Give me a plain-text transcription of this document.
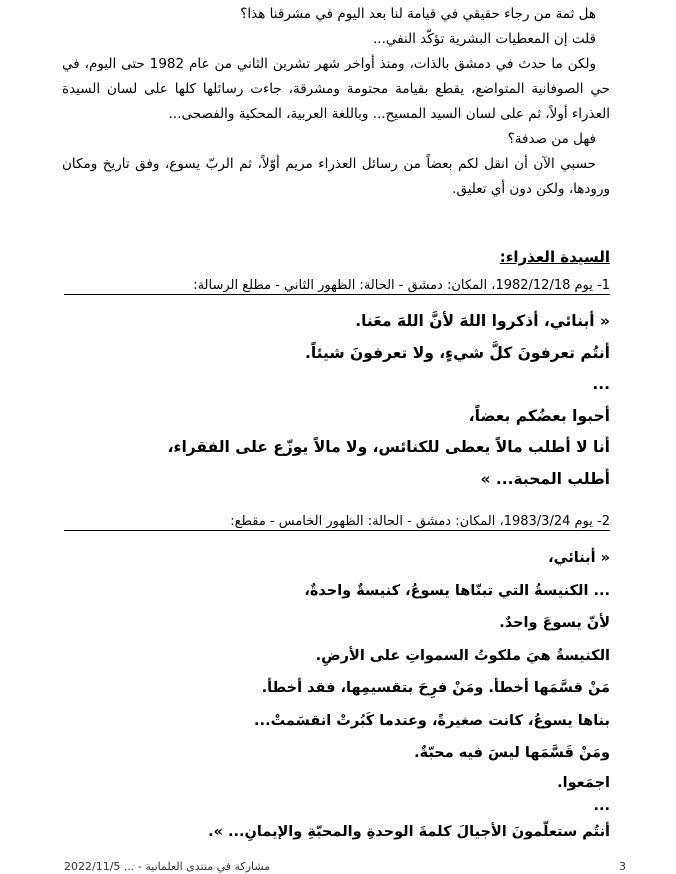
هل ثمة من رجاء حقيقي في قيامة لنا بعد اليوم في مشرقنا هذا؟

قلت إن المعطيات البشرية تؤكّد النفي...

ولكن ما حدث في دمشق بالذات، ومنذ أواخر شهر تشرين الثاني من عام 1982 حتى اليوم، في حي الصوفانية المتواضع، يقطع بقيامة محتومة ومشرقة، جاءت رسائلها كلها على لسان السيدة العذراء أولاً، ثم على لسان السيد المسيح... وباللغة العربية، المحكية والفصحى...

فهل من صدفة؟

حسبي الآن أن انقل لكم بعضاً من رسائل العذراء مريم أوّلاً، ثم الربّ يسوع، وفق تاريخ ومكان ورودها، ولكن دون أي تعليق.

السيدة العذراء:
1- يوم 1982/12/18، المكان: دمشق - الحالة: الظهور الثاني - مطلع الرسالة:
« أبنائي، أذكروا اللهَ لأنَّ اللهَ معَنا.
أنتُم تعرفونَ كلَّ شيءٍ، ولا تعرفونَ شيئاً.
...
أحبوا بعضُكم بعضاً،
أنا لا أطلب مالاً يعطى للكنائس، ولا مالاً يوزّع على الفقراء،
أطلب المحبة... »
2- يوم 1983/3/24، المكان: دمشق - الحالة: الظهور الخامس - مقطع:
« أبنائي،
... الكنيسةُ التي تبنّاها يسوعُ، كنيسةٌ واحدةٌ،
لأنّ يسوعَ واحدٌ.
الكنيسةُ هيَ ملكوتُ السمواتِ على الأرضِ.
مَنْ قسَّمَها أخطأ. ومَنْ فرِحَ بتقسيمِها، فقد أخطأ.
بناها يسوعُ، كانت صغيرةً، وعندما كَبُرتْ انقسَمتْ...
ومَنْ قَسَّمَها ليسَ فيه محبّةٌ.
اجمَعوا.
...
أنتُم ستعلّمونَ الأجيالَ كلمةَ الوحدةِ والمحبّةِ والإيمانِ... ».
3
مشاركة في منتدى العلمانية - ... 2022/11/5
